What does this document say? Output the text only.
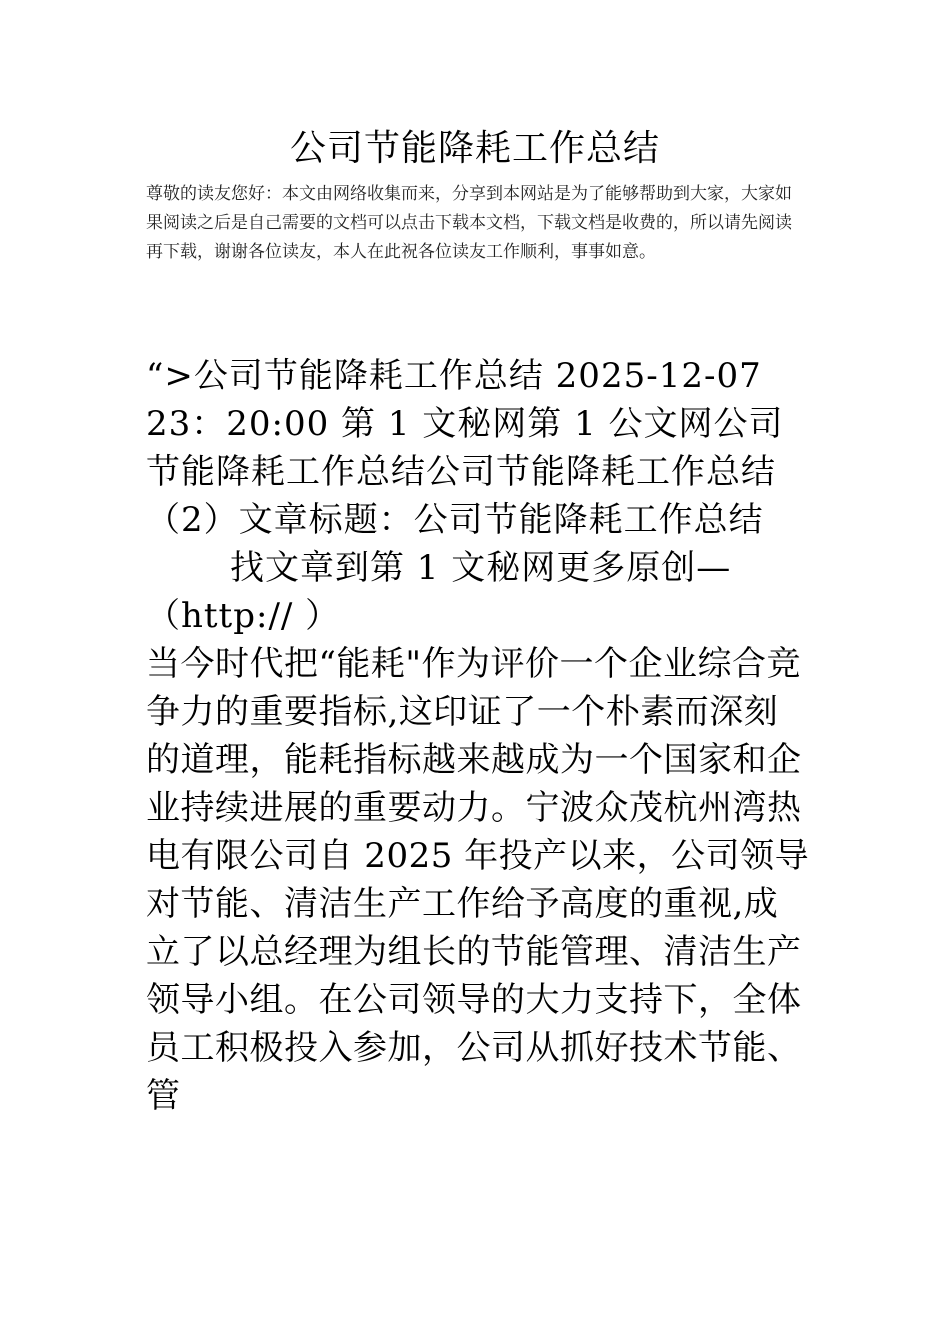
公司节能降耗工作总结

尊敬的读友您好：本文由网络收集而来，分享到本网站是为了能够帮助到大家，大家如果阅读之后是自己需要的文档可以点击下载本文档，下载文档是收费的，所以请先阅读再下载，谢谢各位读友，本人在此祝各位读友工作顺利，事事如意。

“>公司节能降耗工作总结 2025-12-07 23：20:00 第 1 文秘网第 1 公文网公司节能降耗工作总结公司节能降耗工作总结（2）文章标题：公司节能降耗工作总结

找文章到第 1 文秘网更多原创—（http:// ）

当今时代把“能耗"作为评价一个企业综合竞争力的重要指标,这印证了一个朴素而深刻的道理，能耗指标越来越成为一个国家和企业持续进展的重要动力。宁波众茂杭州湾热电有限公司自 2025 年投产以来，公司领导对节能、清洁生产工作给予高度的重视,成立了以总经理为组长的节能管理、清洁生产领导小组。在公司领导的大力支持下，全体员工积极投入参加，公司从抓好技术节能、管
